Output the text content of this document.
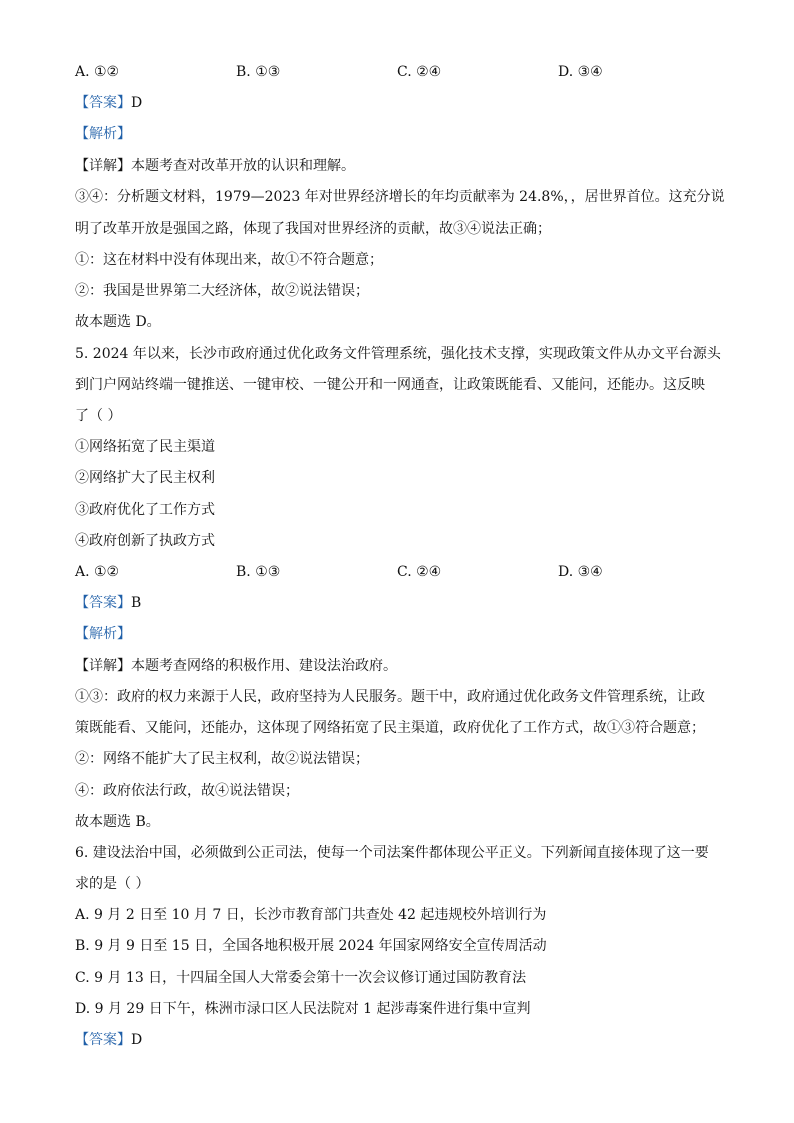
A. ①②	B. ①③	C. ②④	D. ③④
【答案】D
【解析】
【详解】本题考查对改革开放的认识和理解。
③④：分析题文材料，1979—2023 年对世界经济增长的年均贡献率为 24.8%，，居世界首位。这充分说
明了改革开放是强国之路，体现了我国对世界经济的贡献，故③④说法正确；
①：这在材料中没有体现出来，故①不符合题意；
②：我国是世界第二大经济体，故②说法错误；
故本题选 D。
5. 2024 年以来，长沙市政府通过优化政务文件管理系统，强化技术支撑，实现政策文件从办文平台源头
到门户网站终端一键推送、一键审校、一键公开和一网通查，让政策既能看、又能问，还能办。这反映
了（ ）
①网络拓宽了民主渠道
②网络扩大了民主权利
③政府优化了工作方式
④政府创新了执政方式
A. ①②	B. ①③	C. ②④	D. ③④
【答案】B
【解析】
【详解】本题考查网络的积极作用、建设法治政府。
①③：政府的权力来源于人民，政府坚持为人民服务。题干中，政府通过优化政务文件管理系统，让政
策既能看、又能问，还能办，这体现了网络拓宽了民主渠道，政府优化了工作方式，故①③符合题意；
②：网络不能扩大了民主权利，故②说法错误；
④：政府依法行政，故④说法错误；
故本题选 B。
6. 建设法治中国，必须做到公正司法，使每一个司法案件都体现公平正义。下列新闻直接体现了这一要
求的是（ ）
A. 9 月 2 日至 10 月 7 日，长沙市教育部门共查处 42 起违规校外培训行为
B. 9 月 9 日至 15 日，全国各地积极开展 2024 年国家网络安全宣传周活动
C. 9 月 13 日，十四届全国人大常委会第十一次会议修订通过国防教育法
D. 9 月 29 日下午，株洲市渌口区人民法院对 1 起涉毒案件进行集中宣判
【答案】D
